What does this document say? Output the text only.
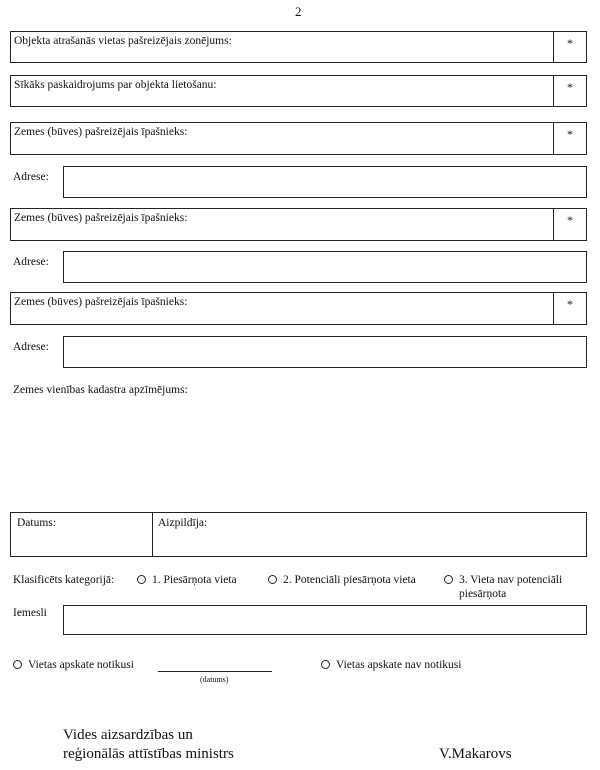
2
Objekta atrašanās vietas pašreizējais zonējums:	*
Sīkāks paskaidrojums par objekta lietošanu:	*
Zemes (būves) pašreizējais īpašnieks:	*
Adrese:
Zemes (būves) pašreizējais īpašnieks:	*
Adrese:
Zemes (būves) pašreizējais īpašnieks:	*
Adrese:
Zemes vienības kadastra apzīmējums:
Datums:	Aizpildīja:
Klasificēts kategorijā:	1. Piesārņota vieta	2. Potenciāli piesārņota vieta	3. Vieta nav potenciāli
piesārņota
Iemesli
Vietas apskate notikusi
(datums)
Vietas apskate nav notikusi
Vides aizsardzības un
reģionālās attīstības ministrs	V.Makarovs
